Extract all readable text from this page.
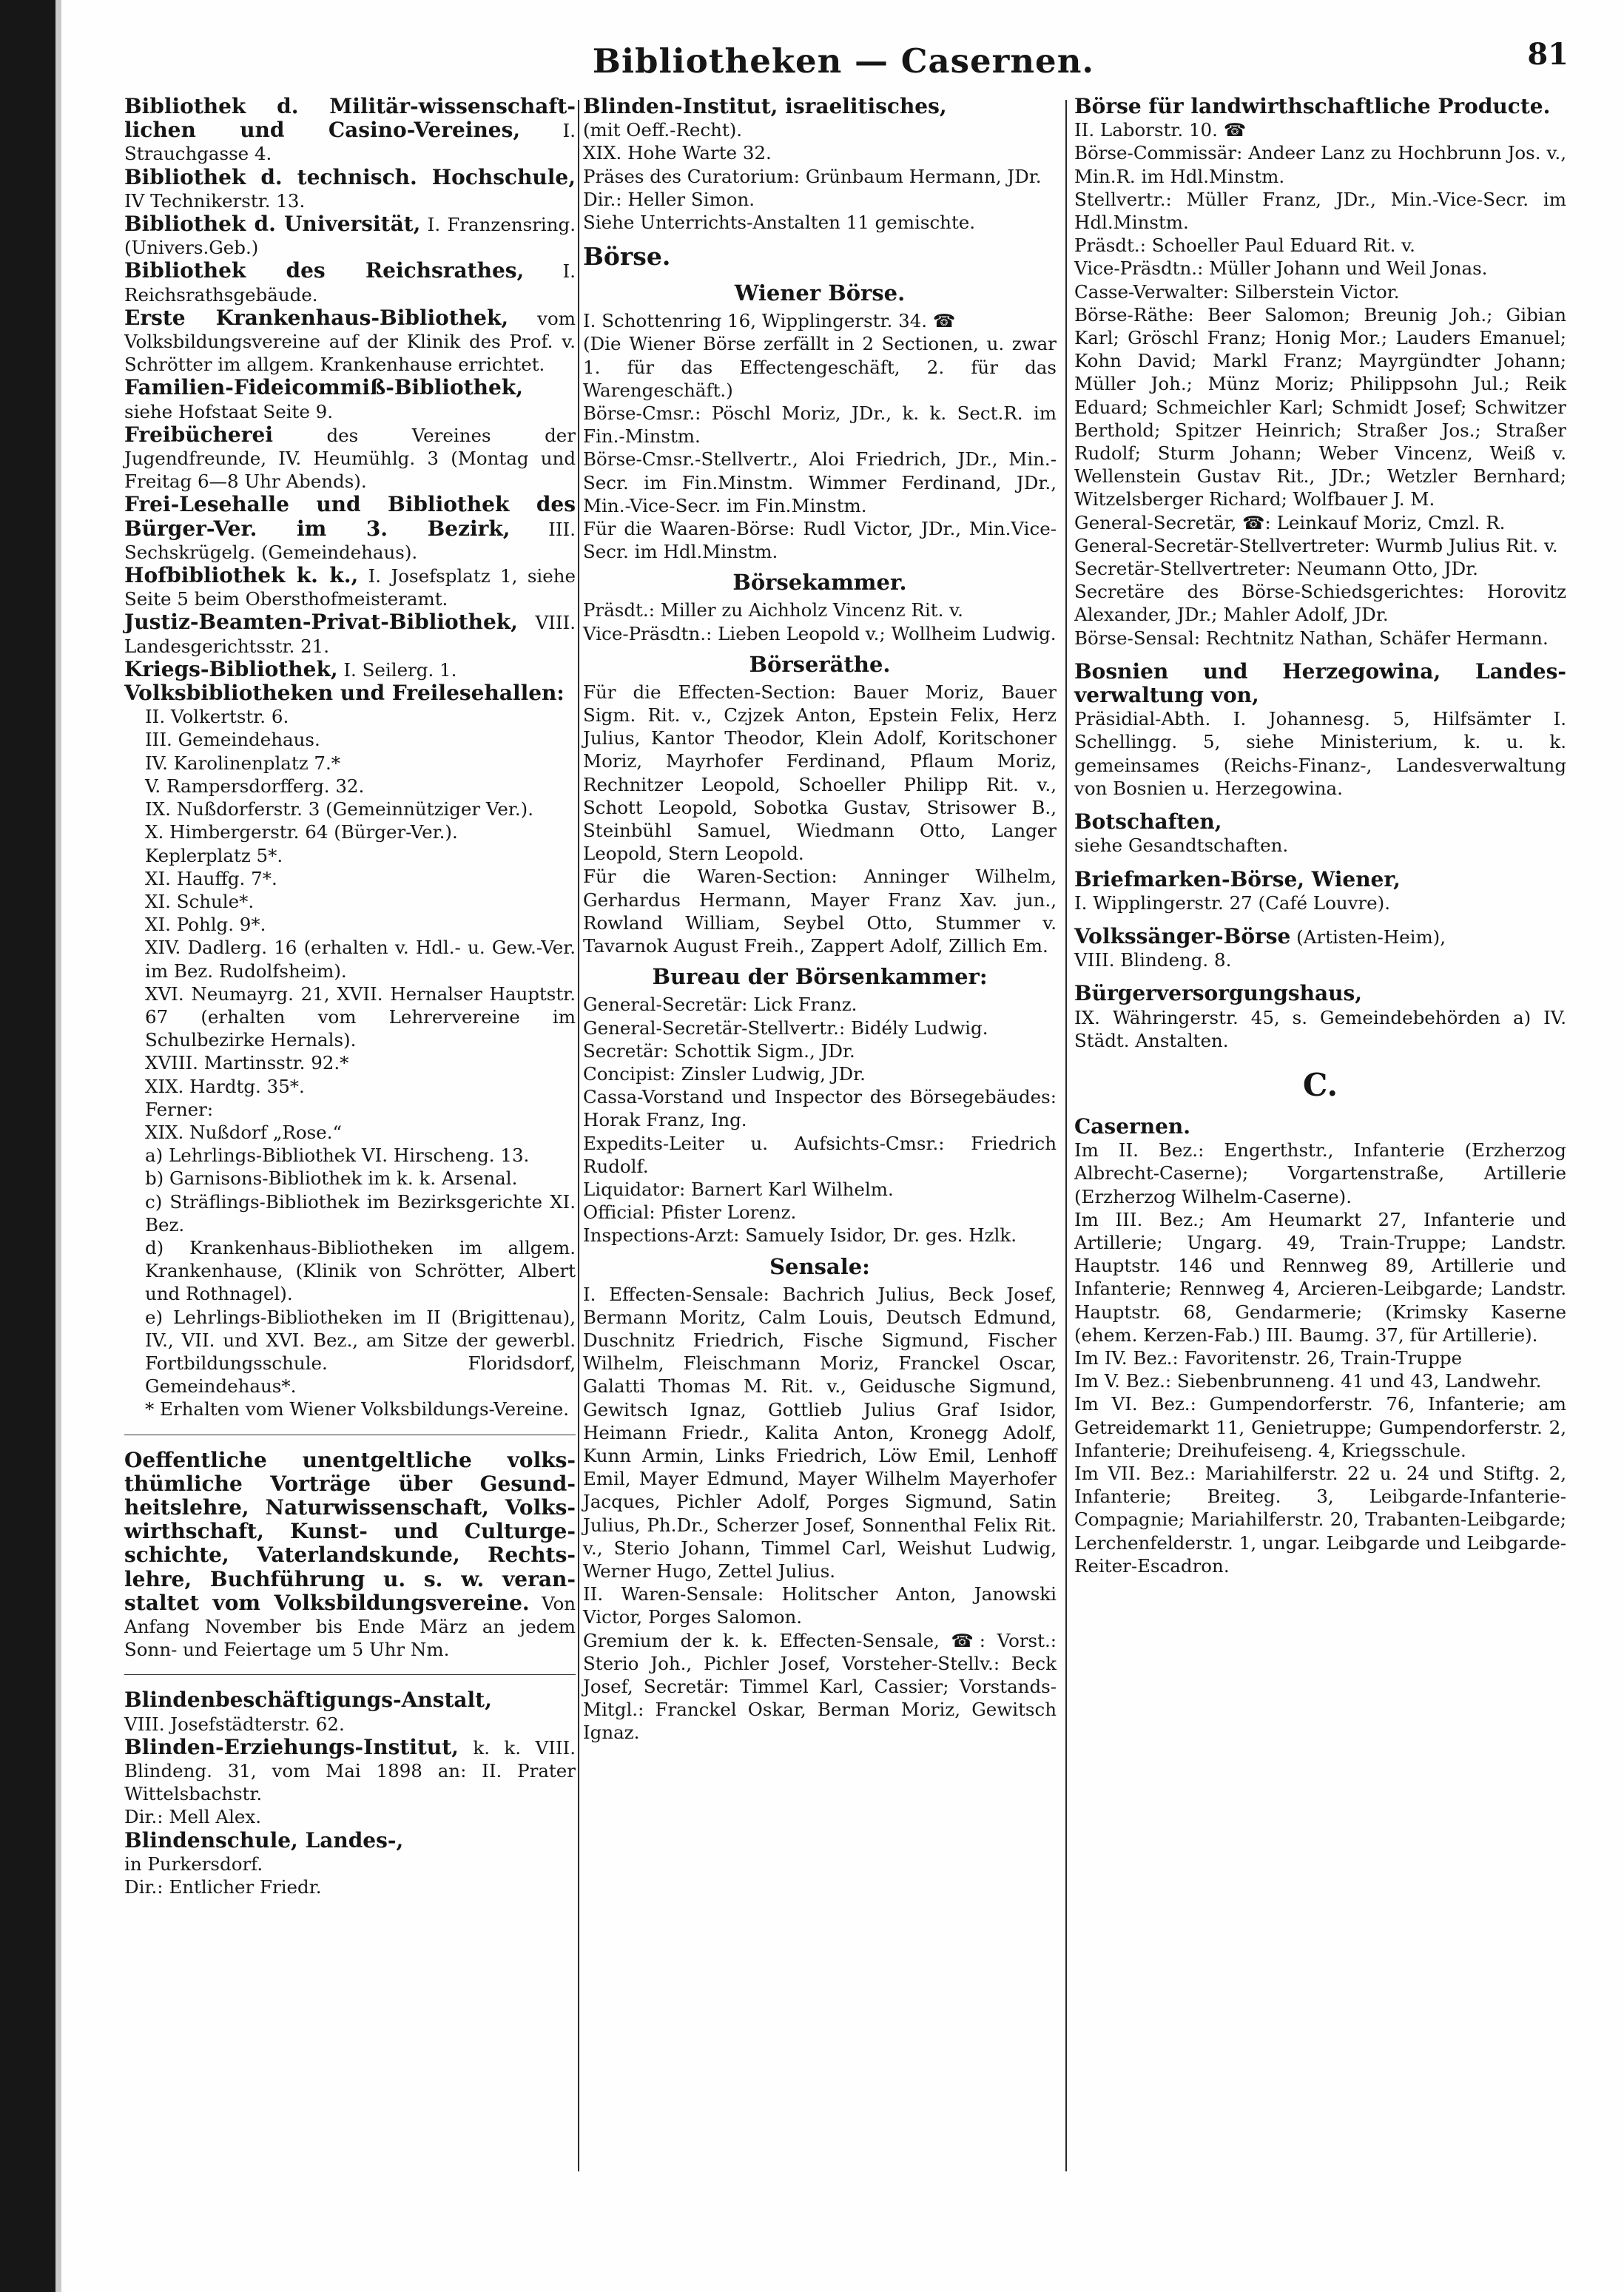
Bibliotheken — Casernen.	81

Bibliothek d. Militär-wissenschaftlichen und Casino-Vereines, I. Strauchgasse 4.

Bibliothek d. technisch. Hochschule, IV Technikerstr. 13.

Bibliothek d. Universität, I. Franzensring. (Univers.Geb.)

Bibliothek des Reichsrathes, I. Reichsrathsgebäude.

Erste Krankenhaus-Bibliothek, vom Volksbildungsvereine auf der Klinik des Prof. v. Schrötter im allgem. Krankenhause errichtet.

Familien-Fideicommiß-Bibliothek, siehe Hofstaat Seite 9.

Freibücherei des Vereines der Jugendfreunde, IV. Heumühlg. 3 (Montag und Freitag 6—8 Uhr Abends).

Frei-Lesehalle und Bibliothek des Bürger-Ver. im 3. Bezirk, III. Sechskrügelg. (Gemeindehaus).

Hofbibliothek k. k., I. Josefsplatz 1, siehe Seite 5 beim Obersthofmeisteramt.

Justiz-Beamten-Privat-Bibliothek, VIII. Landesgerichtsstr. 21.

Kriegs-Bibliothek, I. Seilerg. 1.

Volksbibliotheken und Freilesehallen:

II. Volkertstr. 6.

III. Gemeindehaus.

IV. Karolinenplatz 7.*

V. Rampersdorfferg. 32.

IX. Nußdorferstr. 3 (Gemeinnütziger Ver.).

X. Himbergerstr. 64 (Bürger-Ver.).

Keplerplatz 5*.

XI. Hauffg. 7*.

XI. Schule*.

XI. Pohlg. 9*.

XIV. Dadlerg. 16 (erhalten v. Hdl.- u. Gew.-Ver. im Bez. Rudolfsheim).

XVI. Neumayrg. 21, XVII. Hernalser Hauptstr. 67 (erhalten vom Lehrervereine im Schulbezirke Hernals).

XVIII. Martinsstr. 92.*

XIX. Hardtg. 35*.

Ferner:

XIX. Nußdorf „Rose.“

a) Lehrlings-Bibliothek VI. Hirscheng. 13.

b) Garnisons-Bibliothek im k. k. Arsenal.

c) Sträflings-Bibliothek im Bezirksgerichte XI. Bez.

d) Krankenhaus-Bibliotheken im allgem. Krankenhause, (Klinik von Schrötter, Albert und Rothnagel).

e) Lehrlings-Bibliotheken im II (Brigittenau), IV., VII. und XVI. Bez., am Sitze der gewerbl. Fortbildungsschule. Floridsdorf, Gemeindehaus*.

* Erhalten vom Wiener Volksbildungs-Vereine.

Oeffentliche unentgeltliche volksthümliche Vorträge über Gesundheitslehre, Naturwissenschaft, Volkswirthschaft, Kunst- und Culturgeschichte, Vaterlandskunde, Rechtslehre, Buchführung u. s. w. veranstaltet vom Volksbildungsvereine. Von Anfang November bis Ende März an jedem Sonn- und Feiertage um 5 Uhr Nm.

Blindenbeschäftigungs-Anstalt,
VIII. Josefstädterstr. 62.

Blinden-Erziehungs-Institut, k. k. VIII. Blindeng. 31, vom Mai 1898 an: II. Prater Wittelsbachstr.
Dir.: Mell Alex.

Blindenschule, Landes-,
in Purkersdorf.
Dir.: Entlicher Friedr.

Blinden-Institut, israelitisches,
(mit Oeff.-Recht).
XIX. Hohe Warte 32.
Präses des Curatorium: Grünbaum Hermann, JDr.
Dir.: Heller Simon.
Siehe Unterrichts-Anstalten 11 gemischte.

Börse.
Wiener Börse.

I. Schottenring 16, Wipplingerstr. 34. ☎
(Die Wiener Börse zerfällt in 2 Sectionen, u. zwar 1. für das Effectengeschäft, 2. für das Warengeschäft.)
Börse-Cmsr.: Pöschl Moriz, JDr., k. k. Sect.R. im Fin.-Minstm.
Börse-Cmsr.-Stellvertr., Aloi Friedrich, JDr., Min.-Secr. im Fin.Minstm. Wimmer Ferdinand, JDr., Min.-Vice-Secr. im Fin.Minstm.
Für die Waaren-Börse: Rudl Victor, JDr., Min.Vice-Secr. im Hdl.Minstm.

Börsekammer.

Präsdt.: Miller zu Aichholz Vincenz Rit. v.
Vice-Präsdtn.: Lieben Leopold v.; Wollheim Ludwig.

Börseräthe.

Für die Effecten-Section: Bauer Moriz, Bauer Sigm. Rit. v., Czjzek Anton, Epstein Felix, Herz Julius, Kantor Theodor, Klein Adolf, Koritschoner Moriz, Mayrhofer Ferdinand, Pflaum Moriz, Rechnitzer Leopold, Schoeller Philipp Rit. v., Schott Leopold, Sobotka Gustav, Strisower B., Steinbühl Samuel, Wiedmann Otto, Langer Leopold, Stern Leopold.
Für die Waren-Section: Anninger Wilhelm, Gerhardus Hermann, Mayer Franz Xav. jun., Rowland William, Seybel Otto, Stummer v. Tavarnok August Freih., Zappert Adolf, Zillich Em.

Bureau der Börsenkammer:

General-Secretär: Lick Franz.
General-Secretär-Stellvertr.: Bidély Ludwig.
Secretär: Schottik Sigm., JDr.
Concipist: Zinsler Ludwig, JDr.
Cassa-Vorstand und Inspector des Börsegebäudes: Horak Franz, Ing.
Expedits-Leiter u. Aufsichts-Cmsr.: Friedrich Rudolf.
Liquidator: Barnert Karl Wilhelm.
Official: Pfister Lorenz.
Inspections-Arzt: Samuely Isidor, Dr. ges. Hzlk.

Sensale:

I. Effecten-Sensale: Bachrich Julius, Beck Josef, Bermann Moritz, Calm Louis, Deutsch Edmund, Duschnitz Friedrich, Fische Sigmund, Fischer Wilhelm, Fleischmann Moriz, Franckel Oscar, Galatti Thomas M. Rit. v., Geidusche Sigmund, Gewitsch Ignaz, Gottlieb Julius Graf Isidor, Heimann Friedr., Kalita Anton, Kronegg Adolf, Kunn Armin, Links Friedrich, Löw Emil, Lenhoff Emil, Mayer Edmund, Mayer Wilhelm Mayerhofer Jacques, Pichler Adolf, Porges Sigmund, Satin Julius, Ph.Dr., Scherzer Josef, Sonnenthal Felix Rit. v., Sterio Johann, Timmel Carl, Weishut Ludwig, Werner Hugo, Zettel Julius.
II. Waren-Sensale: Holitscher Anton, Janowski Victor, Porges Salomon.
Gremium der k. k. Effecten-Sensale, ☎: Vorst.: Sterio Joh., Pichler Josef, Vorsteher-Stellv.: Beck Josef, Secretär: Timmel Karl, Cassier; Vorstands-Mitgl.: Franckel Oskar, Berman Moriz, Gewitsch Ignaz.

Börse für landwirthschaftliche Producte.
II. Laborstr. 10. ☎
Börse-Commissär: Andeer Lanz zu Hochbrunn Jos. v., Min.R. im Hdl.Minstm.
Stellvertr.: Müller Franz, JDr., Min.-Vice-Secr. im Hdl.Minstm.
Präsdt.: Schoeller Paul Eduard Rit. v.
Vice-Präsdtn.: Müller Johann und Weil Jonas.
Casse-Verwalter: Silberstein Victor.
Börse-Räthe: Beer Salomon; Breunig Joh.; Gibian Karl; Gröschl Franz; Honig Mor.; Lauders Emanuel; Kohn David; Markl Franz; Mayrgündter Johann; Müller Joh.; Münz Moriz; Philippsohn Jul.; Reik Eduard; Schmeichler Karl; Schmidt Josef; Schwitzer Berthold; Spitzer Heinrich; Straßer Jos.; Straßer Rudolf; Sturm Johann; Weber Vincenz, Weiß v. Wellenstein Gustav Rit., JDr.; Wetzler Bernhard; Witzelsberger Richard; Wolfbauer J. M.
General-Secretär, ☎: Leinkauf Moriz, Cmzl. R.
General-Secretär-Stellvertreter: Wurmb Julius Rit. v.
Secretär-Stellvertreter: Neumann Otto, JDr.
Secretäre des Börse-Schiedsgerichtes: Horovitz Alexander, JDr.; Mahler Adolf, JDr.
Börse-Sensal: Rechtnitz Nathan, Schäfer Hermann.

Bosnien und Herzegowina, Landesverwaltung von,
Präsidial-Abth. I. Johannesg. 5, Hilfsämter I. Schellingg. 5, siehe Ministerium, k. u. k. gemeinsames (Reichs-Finanz-, Landesverwaltung von Bosnien u. Herzegowina.

Botschaften,
siehe Gesandtschaften.

Briefmarken-Börse, Wiener,
I. Wipplingerstr. 27 (Café Louvre).

Volkssänger-Börse (Artisten-Heim),
VIII. Blindeng. 8.

Bürgerversorgungshaus,
IX. Währingerstr. 45, s. Gemeindebehörden a) IV. Städt. Anstalten.

C.

Casernen.
Im II. Bez.: Engerthstr., Infanterie (Erzherzog Albrecht-Caserne); Vorgartenstraße, Artillerie (Erzherzog Wilhelm-Caserne).
Im III. Bez.; Am Heumarkt 27, Infanterie und Artillerie; Ungarg. 49, Train-Truppe; Landstr. Hauptstr. 146 und Rennweg 89, Artillerie und Infanterie; Rennweg 4, Arcieren-Leibgarde; Landstr. Hauptstr. 68, Gendarmerie; (Krimsky Kaserne (ehem. Kerzen-Fab.) III. Baumg. 37, für Artillerie).
Im IV. Bez.: Favoritenstr. 26, Train-Truppe
Im V. Bez.: Siebenbrunneng. 41 und 43, Landwehr.
Im VI. Bez.: Gumpendorferstr. 76, Infanterie; am Getreidemarkt 11, Genietruppe; Gumpendorferstr. 2, Infanterie; Dreihufeiseng. 4, Kriegsschule.
Im VII. Bez.: Mariahilferstr. 22 u. 24 und Stiftg. 2, Infanterie; Breiteg. 3, Leibgarde-Infanterie-Compagnie; Mariahilferstr. 20, Trabanten-Leibgarde; Lerchenfelderstr. 1, ungar. Leibgarde und Leibgarde-Reiter-Escadron.
